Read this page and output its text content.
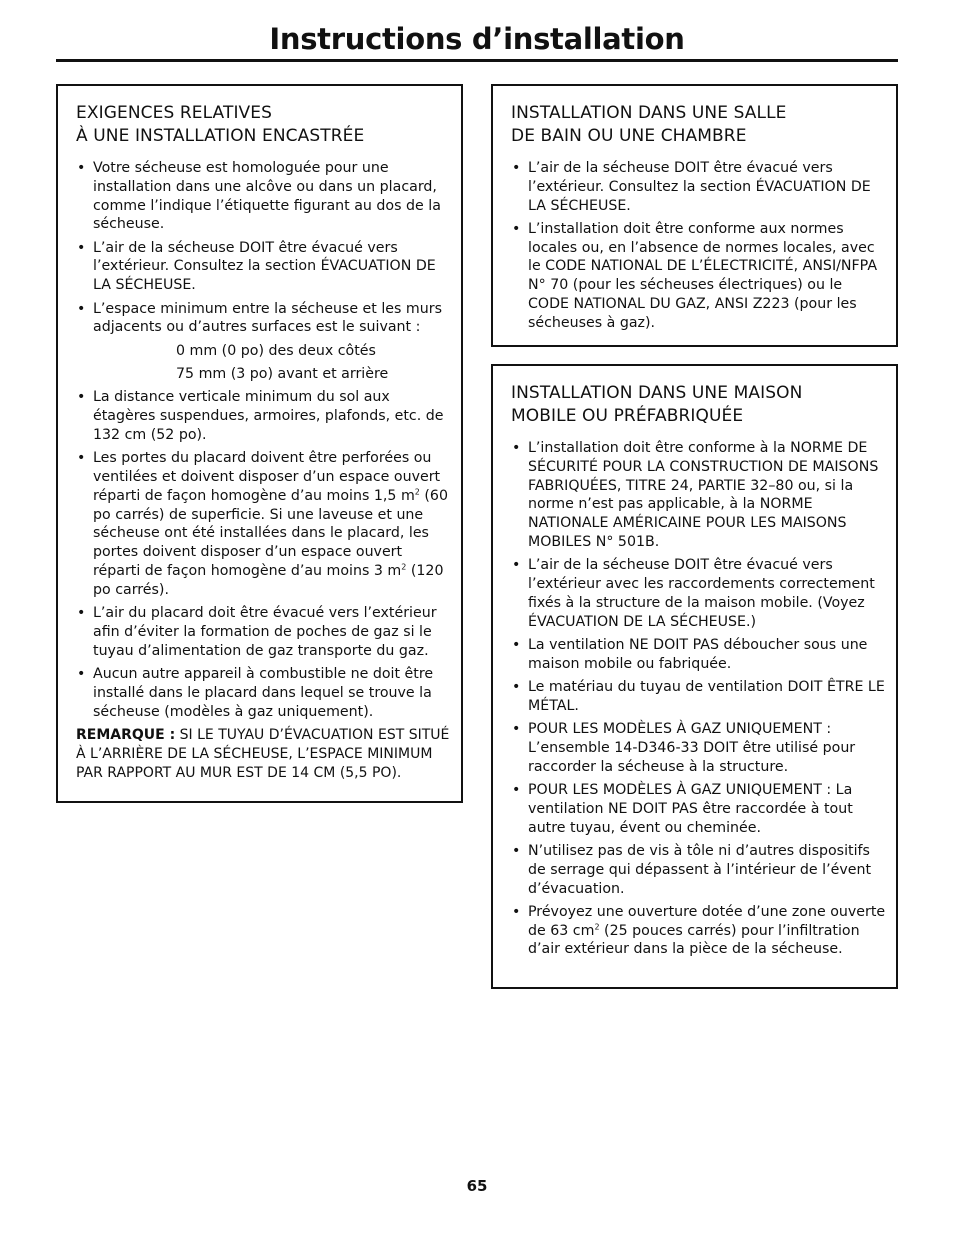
Instructions d’installation
EXIGENCES RELATIVES
À UNE INSTALLATION ENCASTRÉE
• Votre sécheuse est homologuée pour une installation dans une alcôve ou dans un placard, comme l’indique l’étiquette figurant au dos de la sécheuse.
• L’air de la sécheuse DOIT être évacué vers l’extérieur. Consultez la section ÉVACUATION DE LA SÉCHEUSE.
• L’espace minimum entre la sécheuse et les murs adjacents ou d’autres surfaces est le suivant :
0 mm (0 po) des deux côtés
75 mm (3 po) avant et arrière
• La distance verticale minimum du sol aux étagères suspendues, armoires, plafonds, etc. de 132 cm (52 po).
• Les portes du placard doivent être perforées ou ventilées et doivent disposer d’un espace ouvert réparti de façon homogène d’au moins 1,5 $m^2$ (60 po carrés) de superficie. Si une laveuse et une sécheuse ont été installées dans le placard, les portes doivent disposer d’un espace ouvert réparti de façon homogène d’au moins 3 $m^2$ (120 po carrés).
• L’air du placard doit être évacué vers l’extérieur afin d’éviter la formation de poches de gaz si le tuyau d’alimentation de gaz transporte du gaz.
• Aucun autre appareil à combustible ne doit être installé dans le placard dans lequel se trouve la sécheuse (modèles à gaz uniquement).
REMARQUE : SI LE TUYAU D’ÉVACUATION EST SITUÉ À L’ARRIÈRE DE LA SÉCHEUSE, L’ESPACE MINIMUM PAR RAPPORT AU MUR EST DE 14 CM (5,5 PO).
INSTALLATION DANS UNE SALLE
DE BAIN OU UNE CHAMBRE
• L’air de la sécheuse DOIT être évacué vers l’extérieur. Consultez la section ÉVACUATION DE LA SÉCHEUSE.
• L’installation doit être conforme aux normes locales ou, en l’absence de normes locales, avec le CODE NATIONAL DE L’ÉLECTRICITÉ, ANSI/NFPA N° 70 (pour les sécheuses électriques) ou le CODE NATIONAL DU GAZ, ANSI Z223 (pour les sécheuses à gaz).
INSTALLATION DANS UNE MAISON
MOBILE OU PRÉFABRIQUÉE
• L’installation doit être conforme à la NORME DE SÉCURITÉ POUR LA CONSTRUCTION DE MAISONS FABRIQUÉES, TITRE 24, PARTIE 32–80 ou, si la norme n’est pas applicable, à la NORME NATIONALE AMÉRICAINE POUR LES MAISONS MOBILES N° 501B.
• L’air de la sécheuse DOIT être évacué vers l’extérieur avec les raccordements correctement fixés à la structure de la maison mobile. (Voyez ÉVACUATION DE LA SÉCHEUSE.)
• La ventilation NE DOIT PAS déboucher sous une maison mobile ou fabriquée.
• Le matériau du tuyau de ventilation DOIT ÊTRE LE MÉTAL.
• POUR LES MODÈLES À GAZ UNIQUEMENT : L’ensemble 14-D346-33 DOIT être utilisé pour raccorder la sécheuse à la structure.
• POUR LES MODÈLES À GAZ UNIQUEMENT : La ventilation NE DOIT PAS être raccordée à tout autre tuyau, évent ou cheminée.
• N’utilisez pas de vis à tôle ni d’autres dispositifs de serrage qui dépassent à l’intérieur de l’évent d’évacuation.
• Prévoyez une ouverture dotée d’une zone ouverte de 63 $cm^2$ (25 pouces carrés) pour l’infiltration d’air extérieur dans la pièce de la sécheuse.
65
